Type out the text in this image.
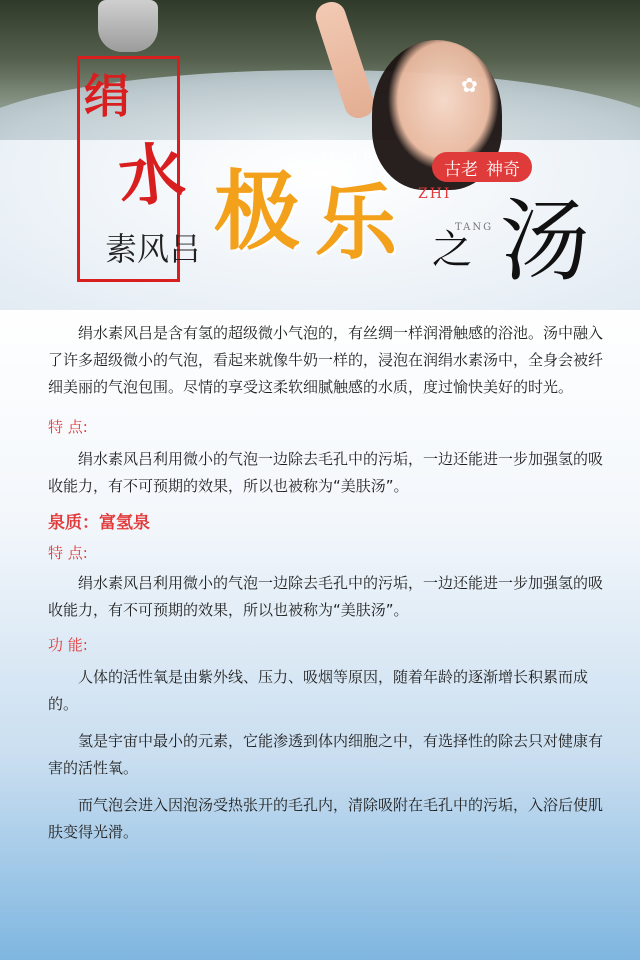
✿
绢
水
素风吕 极 乐 之 汤
JI LE
ZHI
TANG
古老 神奇
绢水素风吕是含有氢的超级微小气泡的，有丝绸一样润滑触感的浴池。汤中融入了许多超级微小的气泡，看起来就像牛奶一样的，浸泡在润绢水素汤中，全身会被纤细美丽的气泡包围。尽情的享受这柔软细腻触感的水质，度过愉快美好的时光。
特 点:
绢水素风吕利用微小的气泡一边除去毛孔中的污垢，一边还能进一步加强氢的吸收能力，有不可预期的效果，所以也被称为“美肤汤”。
泉质：富氢泉
特 点:
绢水素风吕利用微小的气泡一边除去毛孔中的污垢，一边还能进一步加强氢的吸收能力，有不可预期的效果，所以也被称为“美肤汤”。
功 能:
人体的活性氧是由紫外线、压力、吸烟等原因，随着年龄的逐渐增长积累而成的。
氢是宇宙中最小的元素，它能渗透到体内细胞之中，有选择性的除去只对健康有害的活性氧。
而气泡会进入因泡汤受热张开的毛孔内，清除吸附在毛孔中的污垢，入浴后使肌肤变得光滑。
